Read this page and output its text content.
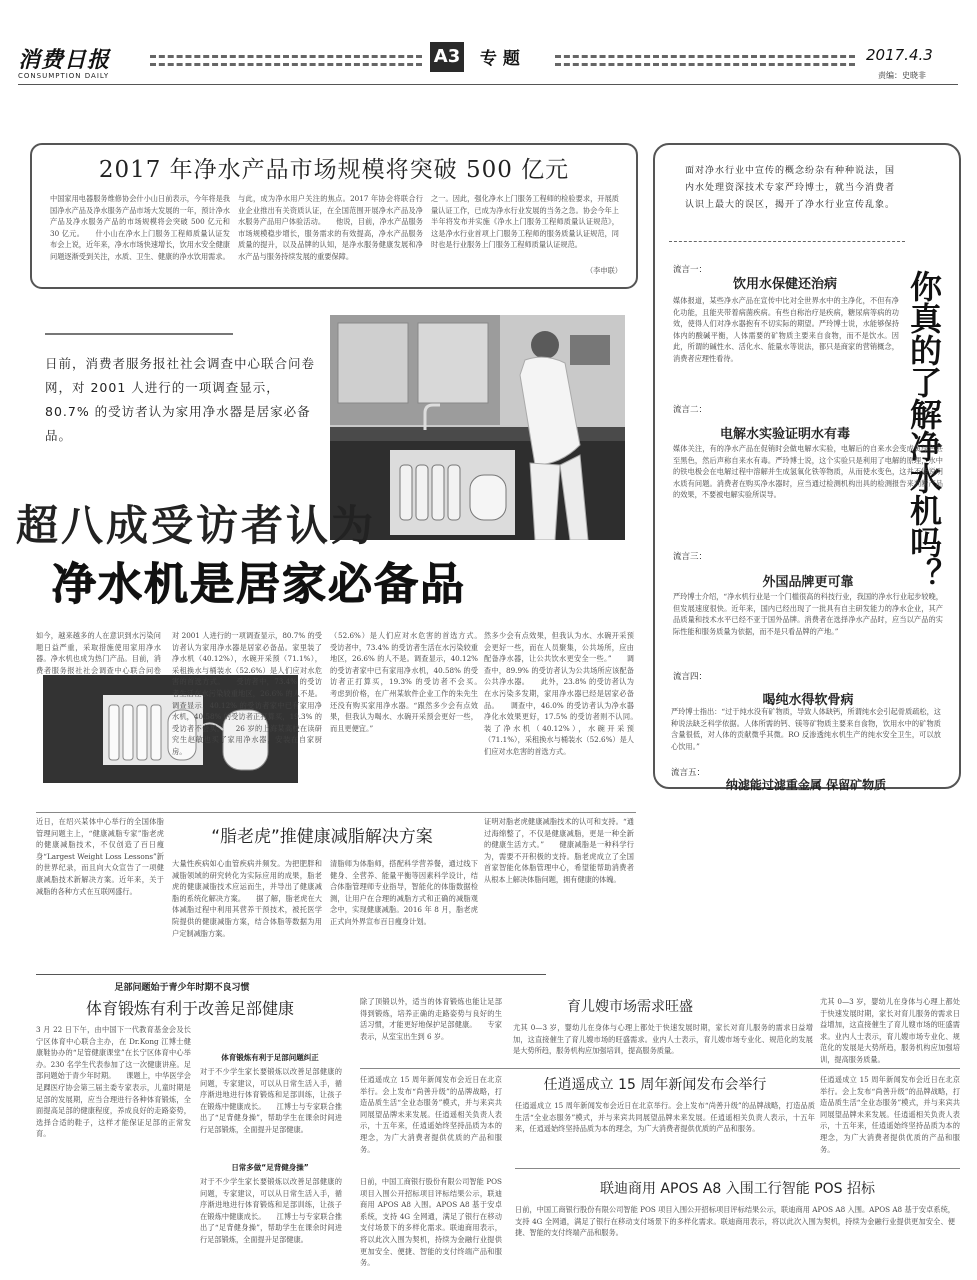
消费日报
CONSUMPTION DAILY
A3 专 题	2017.4.3
责编：史晓非
2017 年净水产品市场规模将突破 500 亿元
中国家用电器服务维修协会什小山日前表示，今年将是我国净水产品及净水服务产品市场大发展的一年，预计净水产品及净水服务产品的市场规模将会突破 500 亿元和 30 亿元。　　什小山在净水上门服务工程师质量认证发布会上说，近年来，净水市场快速增长，饮用水安全健康问题逐渐受到关注，水质、卫生、健康的净水饮用需求。
与此，成为净水用户关注的焦点。2017 年协会将联合行业企业推出有关资质认证，在全国范围开展净水产品及净水服务产品用户体验活动。　　他说，目前，净水产品服务市场规模稳步增长，服务需求的有效提高，净水产品服务质量的提升，以及品牌的认知，是净水服务健康发展和净水产品与服务持续发展的重要保障。
之一。因此，强化净水上门服务工程师的检验要求，开展质量认证工作，已成为净水行业发展的当务之急。协会今年上半年将发布并实施《净水上门服务工程师质量认证规范》，这是净水行业首项上门服务工程师的服务质量认证规范，同时也是行业服务上门服务工程师质量认证规范。
（李申联）
日前，消费者服务报社社会调查中心联合问卷网，对 2001 人进行的一项调查显示，80.7% 的受访者认为家用净水器是居家必备品。
超八成受访者认为
净水机是居家必备品
如今，越来越多的人在意识到水污染问题日益严重，采取措施使用家用净水器。净水机也成为热门产品。目前，消费者服务报社社会调查中心联合问卷
对 2001 人进行的一项调查显示，80.7% 的受访者认为家用净水器是居家必备品。家里装了净水机（40.12%），水碗开采预（71.1%），采租换水与桶装水（52.6%）是人们应对水危害的首选方式。　　受访者中，73.4% 的受访者生活在水污染较重地区，26.6% 的人不是。调查显示，40.12% 的受访者家中已有家用净水机，40.58% 的受访者正打算买，19.3% 的受访者不会买。　　26 岁的上海某高校在读研究生赵敏也买了家用净水器，安装在自家厨房。
（52.6%）是人们应对水危害的首选方式。　　受访者中，73.4% 的受访者生活在水污染较重地区，26.6% 的人不是。调查显示，40.12% 的受访者家中已有家用净水机，40.58% 的受访者正打算买，19.3% 的受访者不会买。　　考虑到价格，在广州某软件企业工作的朱先生还没有购买家用净水器。“跟然多少会有点效果，但我认为喝水、水碗开采预会更好一些，而且更便宜。”
然多少会有点效果，但我认为水、水碗开采预会更好一些，而在人员聚集，公共场所，应由配备净水器，让公共饮水更安全一些。”　　调查中，89.9% 的受访者认为公共场所应该配备公共净水器。　　此外，23.8% 的受访者认为在水污染多发期，家用净水器已经是居家必备品。　　调查中，46.0% 的受访者认为净水器净化水效果更好，17.5% 的受访者则不认同。　　装了净水机（40.12%），水碗开采预（71.1%），采租换水与桶装水（52.6%）是人们应对水危害的首选方式。
面对净水行业中宣传的概念纷杂有种种说法，国内水处理资深技术专家严玲博士，就当今消费者认识上最大的误区，揭开了净水行业宣传乱象。
你真的了解净水机吗？
流言一：
饮用水保健还治病
媒体报道，某些净水产品在宣传中比对全世界水中的主净化，不但有净化功能，且能夹带着病菌疾病。有些自称治疗是疾病，糖尿病等病的功效，使得人们对净水器抱有不切实际的期望。严玲博士说，水能够保持体内的酸碱平衡，人体需要的矿物质主要来自食物，而不是饮水。因此，所谓的碱性水、活化水、能量水等说法，都只是商家的营销概念，消费者应理性看待。
流言二：
电解水实验证明水有毒
媒体关注，有的净水产品在促销时会做电解水实验，电解后的自来水会变成黄绿色甚至黑色，然后声称自来水有毒。严玲博士说，这个实验只是利用了电解的原理，水中的铁电极会在电解过程中溶解并生成氢氧化铁等物质，从而使水变色，这并不能说明水质有问题。消费者在购买净水器时，应当通过检测机构出具的检测报告来判断产品的效果，不要被电解实验所误导。
流言三：
外国品牌更可靠
严玲博士介绍，“净水机行业是一个门槛很高的科技行业，我国的净水行业起步较晚，但发展速度很快。近年来，国内已经出现了一批具有自主研发能力的净水企业，其产品质量和技术水平已经不亚于国外品牌。消费者在选择净水产品时，应当以产品的实际性能和服务质量为依据，而不是只看品牌的产地。”
流言四：
喝纯水得软骨病
近日，在绍兴某体中心举行的全国体脂管理问题主上，“健康减脂专家”脂老虎的健康减脂技术，不仅创造了百日瘦身“Largest Weight Loss Lessons”新的世界纪录，而且向大众宣告了一项健康减脂技术新解决方案。近年来，关于减脂的各种方式在互联网盛行。
“脂老虎”推健康减脂解决方案
大量性疾病如心血管疾病并频发。为把肥胖和减脂领域的研究转化为实际应用的成果，脂老虎的健康减脂技术应运而生，并导出了健康减脂的系统化解决方案。　　据了解，脂老虎在大体减脂过程中利用其营养干预技术，被托医学院提供的健康减脂方案，结合体脂等数据为用户定制减脂方案。
清脂师为体脂师，搭配科学营养餐，通过线下健身、全营养、能量平衡等因素科学设计，结合体脂管理师专业指导，智能化的体脂数据检测，让用户在合理的减脂方式和正确的减脂观念中，实现健康减脂。2016 年 8 月，脂老虎正式向外界宣布百日瘦身计划。
证明对脂老虎健康减脂技术的认可和支持。“通过海绵整了，不仅是健康减脂，更是一种全新的健康生活方式。”　　健康减脂是一种科学行为，需要不开积极的支持。脂老虎成立了全国首家智能化体脂管理中心，希望能帮助消费者从根本上解决体脂问题，拥有健康的体魄。
足部问题始于青少年时期不良习惯
体育锻炼有利于改善足部健康
3 月 22 日下午，由中国下一代教育基金会及长宁区体育中心联合主办，在 Dr.Kong 江博士健康鞋协办的“足管健康课堂”在长宁区体育中心举办。230 名学生代表参加了这一次健康讲座。足部问题始于青少年时期。　　课题上，中华医学会足踝医疗协会第三届主委专家表示，儿童时期是足部的发展期，应当合理进行各种体育锻炼，全面提高足部的健康程度，养成良好的走路姿势，选择合适的鞋子，这样才能保证足部的正常发育。
体育锻炼有利于足部问题纠正
日常多做“足背健身操”
对于不少学生家长要锻炼以改善足部健康的问题，专家建议，可以从日常生活入手，循序渐进地进行体育锻炼和足部训练，让孩子在锻炼中健康成长。　　江博士与专家联合推出了“足背健身操”，帮助学生在课余时间进行足部锻炼，全面提升足部健康。
除了顶锻以外，适当的体育锻炼也能让足部得到锻炼，培养正确的走路姿势与良好的生活习惯，才能更好地保护足部健康。　　专家表示，从室宝出生到 6 岁。
对于不少学生家长要锻炼以改善足部健康的问题，专家建议，可以从日常生活入手，循序渐进地进行体育锻炼和足部训练，让孩子在锻炼中健康成长。　　江博士与专家联合推出了“足背健身操”，帮助学生在课余时间进行足部锻炼，全面提升足部健康。
育儿嫂市场需求旺盛
尤其 0—3 岁，婴幼儿在身体与心理上都处于快速发展时期，家长对育儿服务的需求日益增加，这直接催生了育儿嫂市场的旺盛需求。业内人士表示，育儿嫂市场专业化、规范化的发展是大势所趋，服务机构应加强培训，提高服务质量。
尤其 0—3 岁，婴幼儿在身体与心理上都处于快速发展时期，家长对育儿服务的需求日益增加，这直接催生了育儿嫂市场的旺盛需求。业内人士表示，育儿嫂市场专业化、规范化的发展是大势所趋，服务机构应加强培训，提高服务质量。
任逍遥成立 15 周年新闻发布会近日在北京举行。会上发布“尚善升级”的品牌战略，打造品质生活“全业态服务”模式，并与来宾共同展望品牌未来发展。任逍遥相关负责人表示，十五年来，任逍遥始终坚持品质为本的理念，为广大消费者提供优质的产品和服务。
任逍遥成立 15 周年新闻发布会举行
任逍遥成立 15 周年新闻发布会近日在北京举行。会上发布“尚善升级”的品牌战略，打造品质生活“全业态服务”模式，并与来宾共同展望品牌未来发展。任逍遥相关负责人表示，十五年来，任逍遥始终坚持品质为本的理念，为广大消费者提供优质的产品和服务。
任逍遥成立 15 周年新闻发布会近日在北京举行。会上发布“尚善升级”的品牌战略，打造品质生活“全业态服务”模式，并与来宾共同展望品牌未来发展。任逍遥相关负责人表示，十五年来，任逍遥始终坚持品质为本的理念，为广大消费者提供优质的产品和服务。
联迪商用 APOS A8 入围工行智能 POS 招标
日前，中国工商银行股份有限公司智能 POS 项目入围公开招标项目评标结果公示，联迪商用 APOS A8 入围。APOS A8 基于安卓系统，支持 4G 全网通，满足了银行在移动支付场景下的多样化需求。联迪商用表示，将以此次入围为契机，持续为金融行业提供更加安全、便捷、智能的支付终端产品和服务。
日前，中国工商银行股份有限公司智能 POS 项目入围公开招标项目评标结果公示，联迪商用 APOS A8 入围。APOS A8 基于安卓系统，支持 4G 全网通，满足了银行在移动支付场景下的多样化需求。联迪商用表示，将以此次入围为契机，持续为金融行业提供更加安全、便捷、智能的支付终端产品和服务。
严玲博士指出：“过于纯水没有矿物质，导致人体缺钙，所谓纯水会引起骨质疏松，这种说法缺乏科学依据。人体所需的钙、镁等矿物质主要来自食物，饮用水中的矿物质含量很低，对人体的贡献微乎其微。RO 反渗透纯水机生产的纯水安全卫生，可以放心饮用。”
流言五：
纳滤能过滤重金属 保留矿物质
